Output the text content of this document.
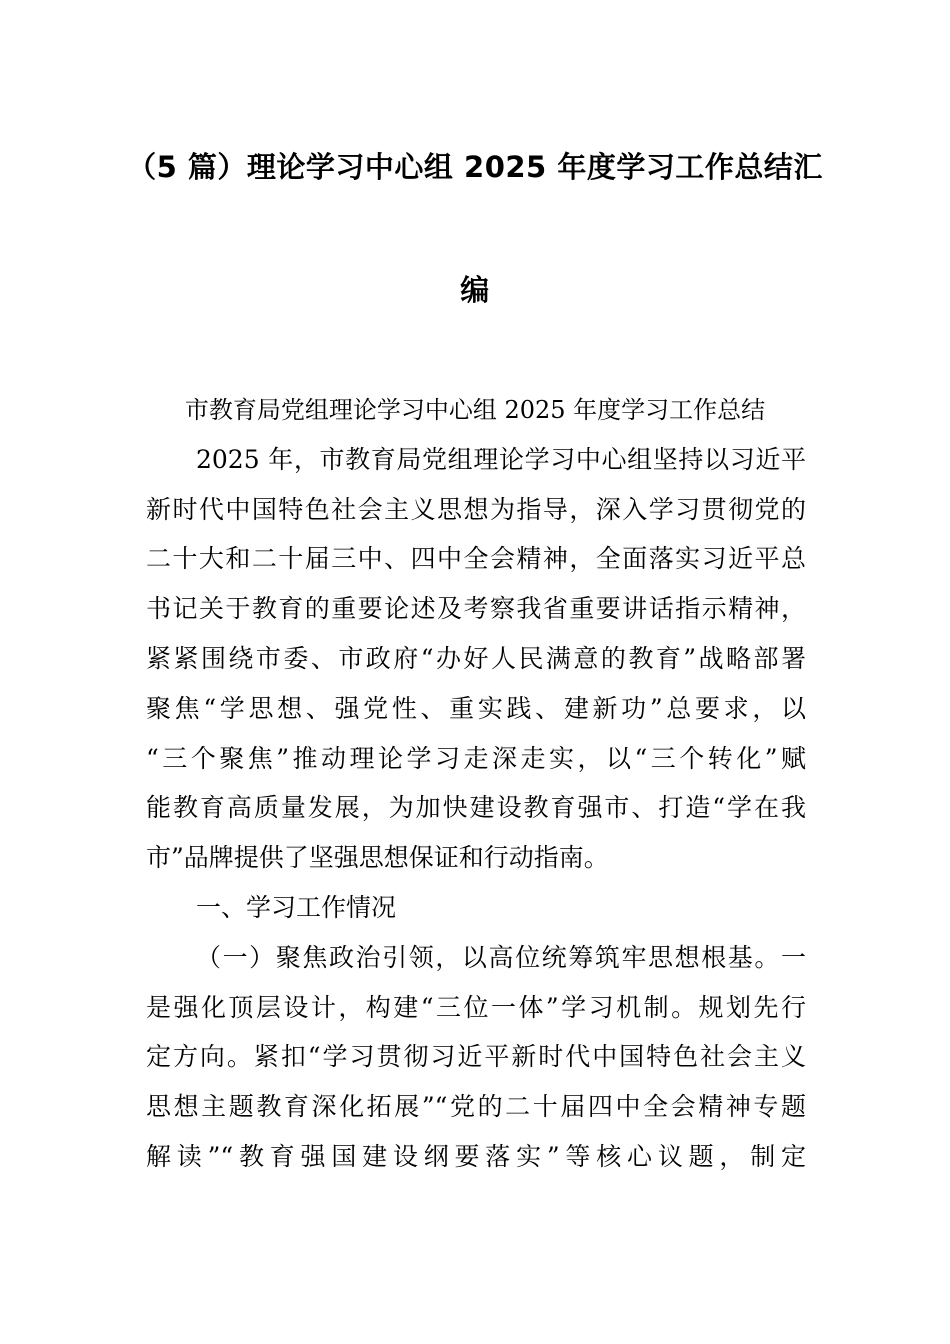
（5 篇）理论学习中心组 2025 年度学习工作总结汇
编
市教育局党组理论学习中心组 2025 年度学习工作总结
2025 年，市教育局党组理论学习中心组坚持以习近平
新时代中国特色社会主义思想为指导，深入学习贯彻党的
二十大和二十届三中、四中全会精神，全面落实习近平总
书记关于教育的重要论述及考察我省重要讲话指示精神，
紧紧围绕市委、市政府“办好人民满意的教育”战略部署
聚焦“学思想、强党性、重实践、建新功”总要求，以
“三个聚焦”推动理论学习走深走实，以“三个转化”赋
能教育高质量发展，为加快建设教育强市、打造“学在我
市”品牌提供了坚强思想保证和行动指南。
一、学习工作情况
（一）聚焦政治引领，以高位统筹筑牢思想根基。一
是强化顶层设计，构建“三位一体”学习机制。规划先行
定方向。紧扣“学习贯彻习近平新时代中国特色社会主义
思想主题教育深化拓展”“党的二十届四中全会精神专题
解读”“教育强国建设纲要落实”等核心议题，制定
